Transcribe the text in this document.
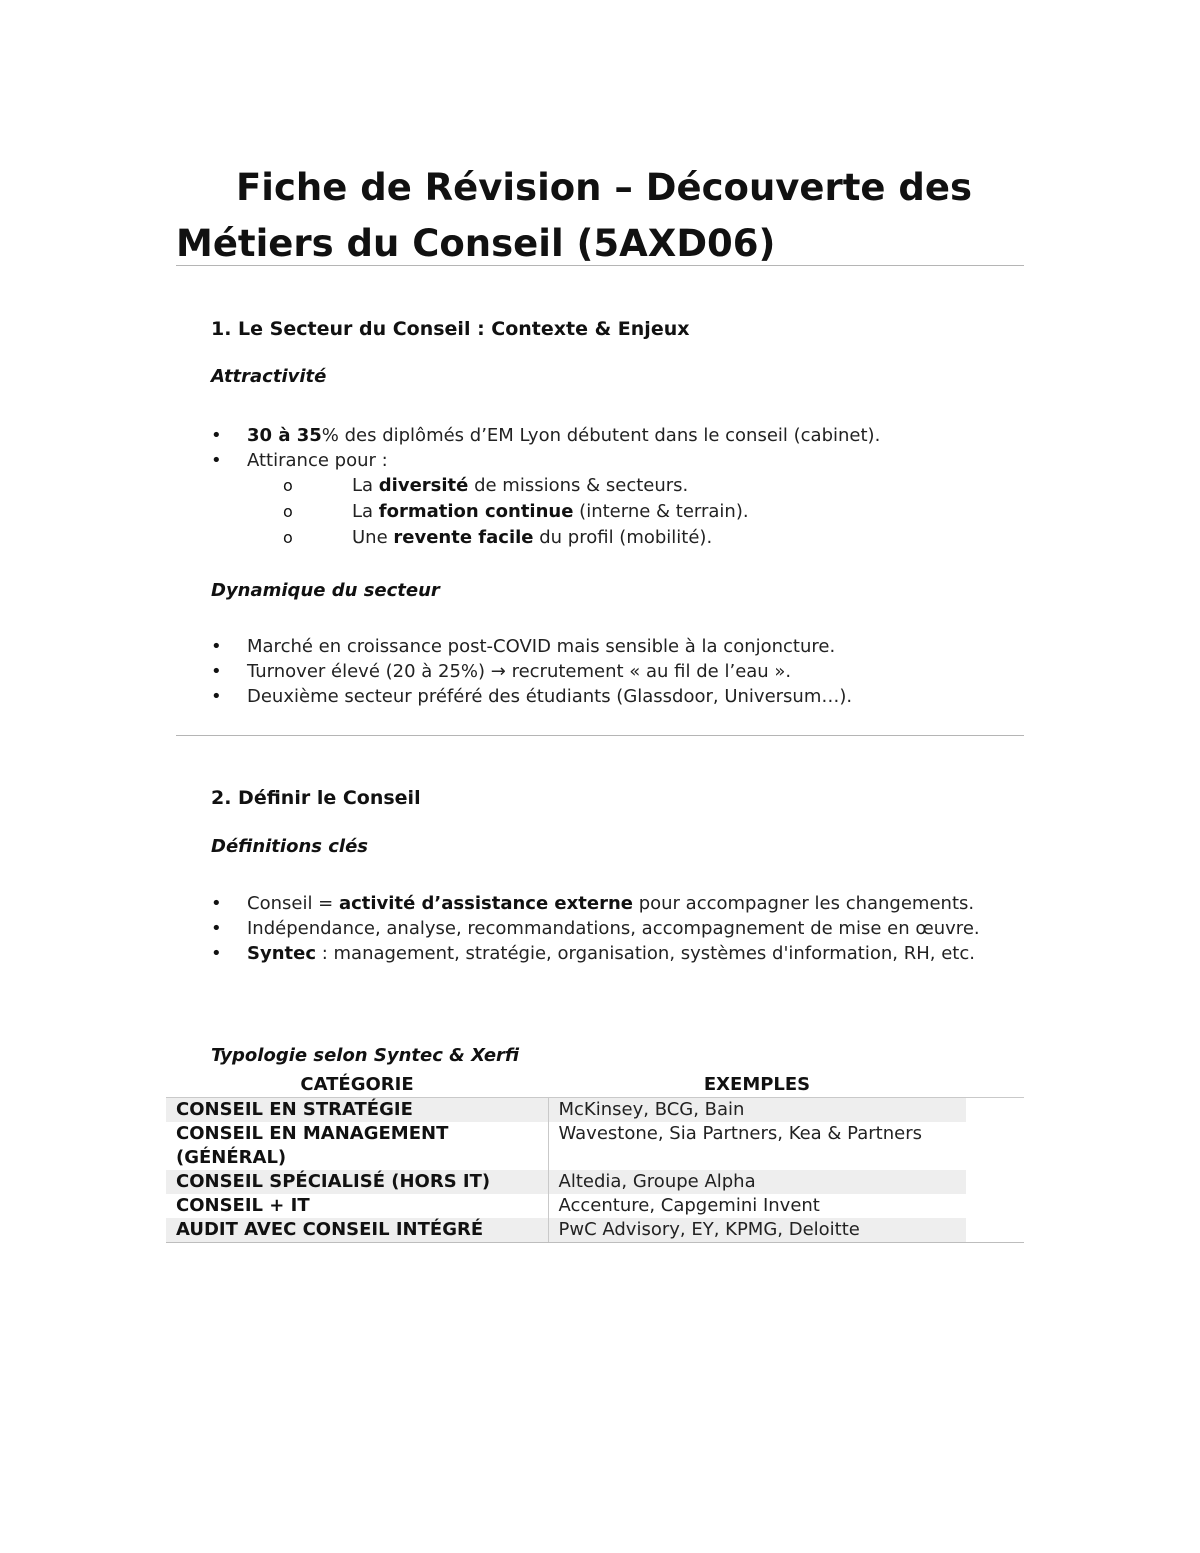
Fiche de Révision – Découverte des Métiers du Conseil (5AXD06)
1. Le Secteur du Conseil : Contexte & Enjeux
Attractivité
• 30 à 35% des diplômés d’EM Lyon débutent dans le conseil (cabinet).
• Attirance pour :
o La diversité de missions & secteurs.
o La formation continue (interne & terrain).
o Une revente facile du profil (mobilité).
Dynamique du secteur
• Marché en croissance post-COVID mais sensible à la conjoncture.
• Turnover élevé (20 à 25%) → recrutement « au fil de l’eau ».
• Deuxième secteur préféré des étudiants (Glassdoor, Universum…).
2. Définir le Conseil
Définitions clés
• Conseil = activité d’assistance externe pour accompagner les changements.
• Indépendance, analyse, recommandations, accompagnement de mise en œuvre.
• Syntec : management, stratégie, organisation, systèmes d'information, RH, etc.
Typologie selon Syntec & Xerfi
CATÉGORIE	EXEMPLES	
CONSEIL EN STRATÉGIE	McKinsey, BCG, Bain	
CONSEIL EN MANAGEMENT (GÉNÉRAL)	Wavestone, Sia Partners, Kea & Partners	
CONSEIL SPÉCIALISÉ (HORS IT)	Altedia, Groupe Alpha	
CONSEIL + IT	Accenture, Capgemini Invent	
AUDIT AVEC CONSEIL INTÉGRÉ	PwC Advisory, EY, KPMG, Deloitte	
